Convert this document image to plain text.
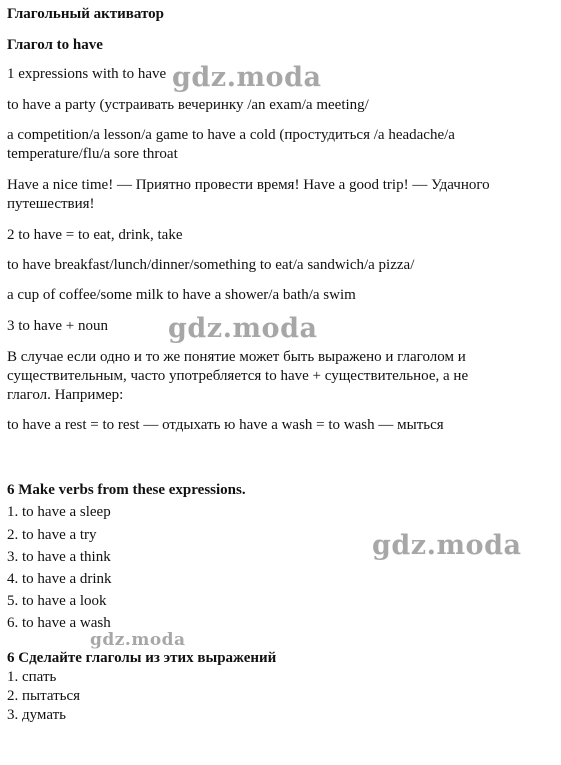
Глагольный активатор
Глагол to have
1 expressions with to have
to have a party (устраивать вечеринку /an exam/a meeting/
a competition/a lesson/a game to have a cold (простудиться /a headache/a
temperature/flu/a sore throat
Have a nice time! — Приятно провести время! Have a good trip! — Удачного
путешествия!
2 to have = to eat, drink, take
to have breakfast/lunch/dinner/something to eat/a sandwich/a pizza/
a cup of coffee/some milk to have a shower/a bath/a swim
3 to have + noun
В случае если одно и то же понятие может быть выражено и глаголом и
существительным, часто употребляется to have + существительное, а не
глагол. Например:
to have a rest = to rest — отдыхать ю have a wash = to wash — мыться
6 Make verbs from these expressions.
1. to have a sleep
2. to have a try
3. to have a think
4. to have a drink
5. to have a look
6. to have a wash
6 Сделайте глаголы из этих выражений
1. спать
2. пытаться
3. думать
gdz.moda
gdz.moda
gdz.moda
gdz.moda
